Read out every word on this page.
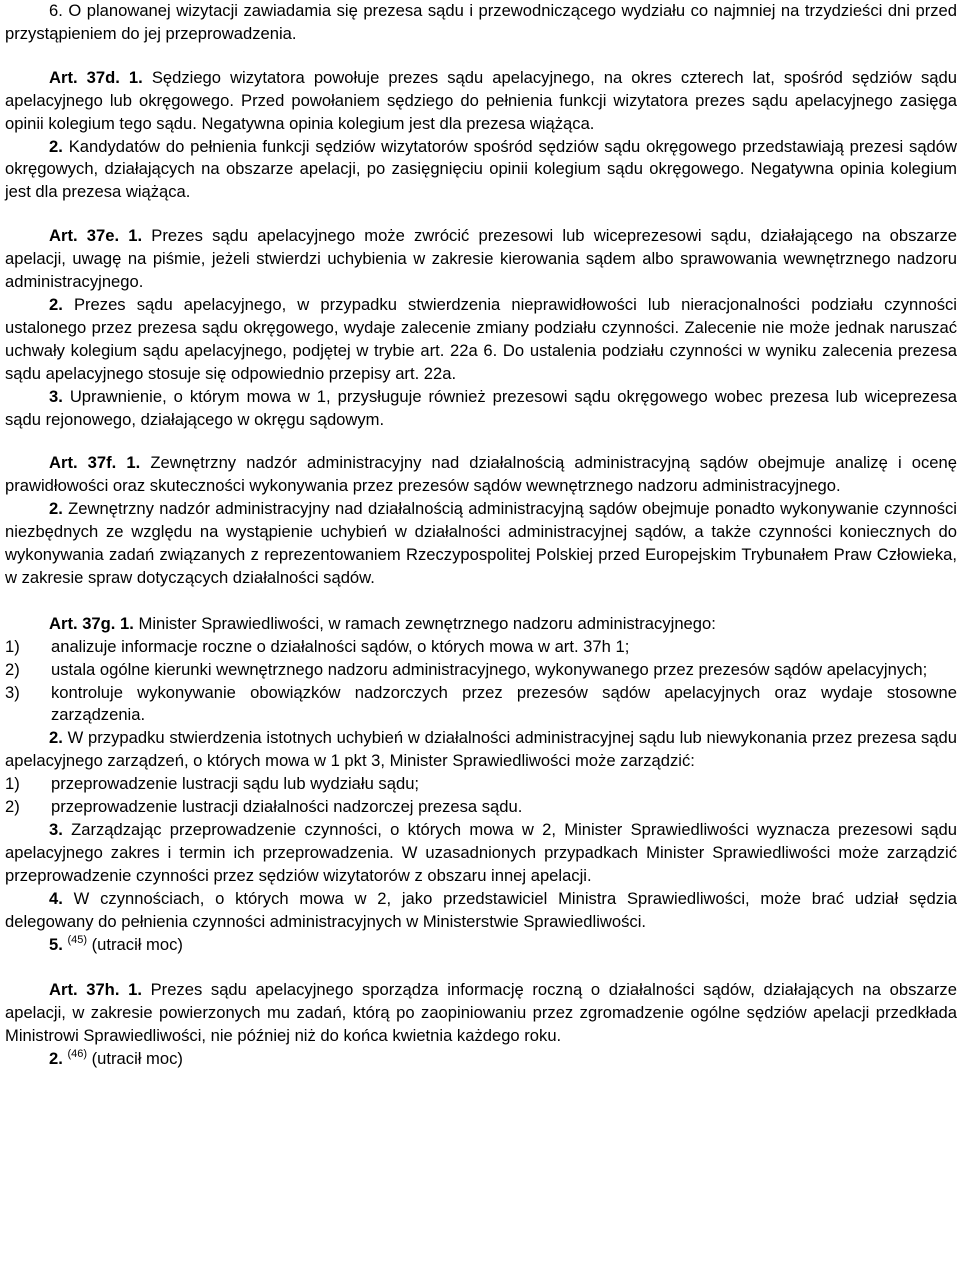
6. O planowanej wizytacji zawiadamia się prezesa sądu i przewodniczącego wydziału co najmniej na trzydzieści dni przed przystąpieniem do jej przeprowadzenia.

Art. 37d. 1. Sędziego wizytatora powołuje prezes sądu apelacyjnego, na okres czterech lat, spośród sędziów sądu apelacyjnego lub okręgowego. Przed powołaniem sędziego do pełnienia funkcji wizytatora prezes sądu apelacyjnego zasięga opinii kolegium tego sądu. Negatywna opinia kolegium jest dla prezesa wiążąca.

2. Kandydatów do pełnienia funkcji sędziów wizytatorów spośród sędziów sądu okręgowego przedstawiają prezesi sądów okręgowych, działających na obszarze apelacji, po zasięgnięciu opinii kolegium sądu okręgowego. Negatywna opinia kolegium jest dla prezesa wiążąca.

Art. 37e. 1. Prezes sądu apelacyjnego może zwrócić prezesowi lub wiceprezesowi sądu, działającego na obszarze apelacji, uwagę na piśmie, jeżeli stwierdzi uchybienia w zakresie kierowania sądem albo sprawowania wewnętrznego nadzoru administracyjnego.

2. Prezes sądu apelacyjnego, w przypadku stwierdzenia nieprawidłowości lub nieracjonalności podziału czynności ustalonego przez prezesa sądu okręgowego, wydaje zalecenie zmiany podziału czynności. Zalecenie nie może jednak naruszać uchwały kolegium sądu apelacyjnego, podjętej w trybie art. 22a 6. Do ustalenia podziału czynności w wyniku zalecenia prezesa sądu apelacyjnego stosuje się odpowiednio przepisy art. 22a.

3. Uprawnienie, o którym mowa w 1, przysługuje również prezesowi sądu okręgowego wobec prezesa lub wiceprezesa sądu rejonowego, działającego w okręgu sądowym.

Art. 37f. 1. Zewnętrzny nadzór administracyjny nad działalnością administracyjną sądów obejmuje analizę i ocenę prawidłowości oraz skuteczności wykonywania przez prezesów sądów wewnętrznego nadzoru administracyjnego.

2. Zewnętrzny nadzór administracyjny nad działalnością administracyjną sądów obejmuje ponadto wykonywanie czynności niezbędnych ze względu na wystąpienie uchybień w działalności administracyjnej sądów, a także czynności koniecznych do wykonywania zadań związanych z reprezentowaniem Rzeczypospolitej Polskiej przed Europejskim Trybunałem Praw Człowieka, w zakresie spraw dotyczących działalności sądów.

Art. 37g. 1. Minister Sprawiedliwości, w ramach zewnętrznego nadzoru administracyjnego:

1) analizuje informacje roczne o działalności sądów, o których mowa w art. 37h 1;

2) ustala ogólne kierunki wewnętrznego nadzoru administracyjnego, wykonywanego przez prezesów sądów apelacyjnych;

3) kontroluje wykonywanie obowiązków nadzorczych przez prezesów sądów apelacyjnych oraz wydaje stosowne zarządzenia.

2. W przypadku stwierdzenia istotnych uchybień w działalności administracyjnej sądu lub niewykonania przez prezesa sądu apelacyjnego zarządzeń, o których mowa w 1 pkt 3, Minister Sprawiedliwości może zarządzić:

1) przeprowadzenie lustracji sądu lub wydziału sądu;

2) przeprowadzenie lustracji działalności nadzorczej prezesa sądu.

3. Zarządzając przeprowadzenie czynności, o których mowa w 2, Minister Sprawiedliwości wyznacza prezesowi sądu apelacyjnego zakres i termin ich przeprowadzenia. W uzasadnionych przypadkach Minister Sprawiedliwości może zarządzić przeprowadzenie czynności przez sędziów wizytatorów z obszaru innej apelacji.

4. W czynnościach, o których mowa w 2, jako przedstawiciel Ministra Sprawiedliwości, może brać udział sędzia delegowany do pełnienia czynności administracyjnych w Ministerstwie Sprawiedliwości.

5. $^{(45)}$ (utracił moc)

Art. 37h. 1. Prezes sądu apelacyjnego sporządza informację roczną o działalności sądów, działających na obszarze apelacji, w zakresie powierzonych mu zadań, którą po zaopiniowaniu przez zgromadzenie ogólne sędziów apelacji przedkłada Ministrowi Sprawiedliwości, nie później niż do końca kwietnia każdego roku.

2. $^{(46)}$ (utracił moc)
